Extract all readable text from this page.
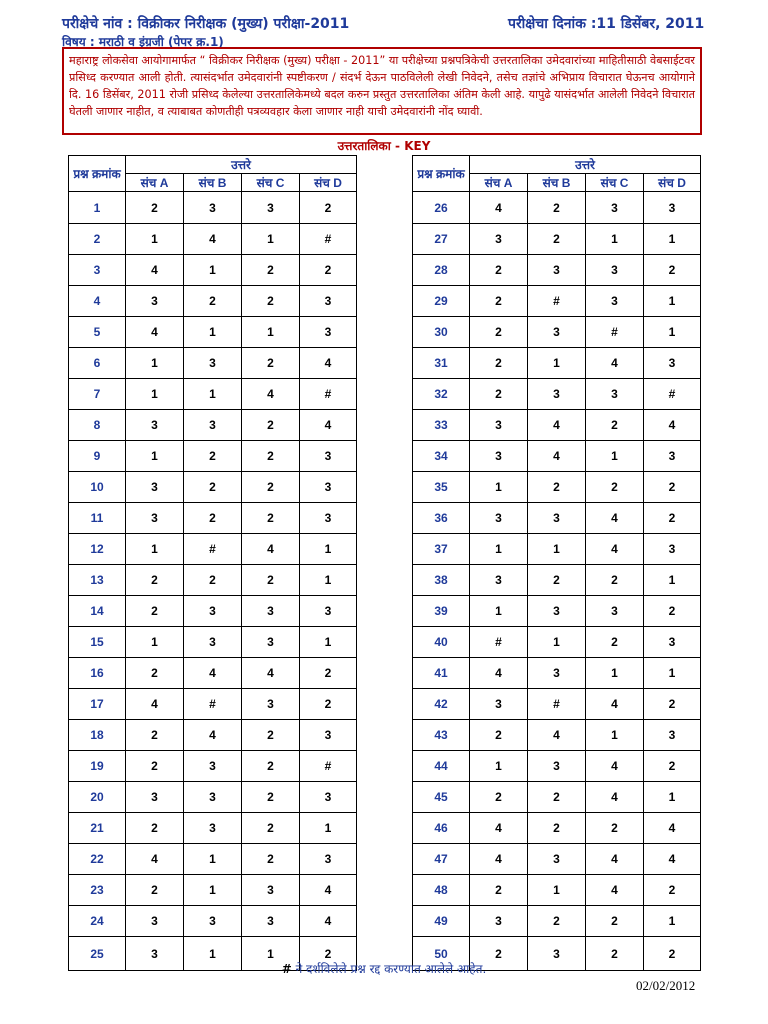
परीक्षेचे नांव : विक्रीकर निरीक्षक (मुख्य) परीक्षा-2011	परीक्षेचा दिनांक :11 डिसेंबर, 2011
विषय : मराठी व इंग्रजी (पेपर क्र.1)
महाराष्ट्र लोकसेवा आयोगामार्फत “ विक्रीकर निरीक्षक (मुख्य) परीक्षा - 2011” या परीक्षेच्या प्रश्नपत्रिकेची उत्तरतालिका उमेदवारांच्या माहितीसाठी वेबसाईटवर प्रसिध्द करण्यात आली होती. त्यासंदर्भात उमेदवारांनी स्पष्टीकरण / संदर्भ देऊन पाठविलेली लेखी निवेदने, तसेच तज्ञांचे अभिप्राय विचारात घेऊनच आयोगाने दि. 16 डिसेंबर, 2011 रोजी प्रसिध्द केलेल्या उत्तरतालिकेमध्ये बदल करुन प्रस्तुत उत्तरतालिका अंतिम केली आहे. यापुढे यासंदर्भात आलेली निवेदने विचारात घेतली जाणार नाहीत, व त्याबाबत कोणतीही पत्रव्यवहार केला जाणार नाही याची उमेदवारांनी नोंद घ्यावी.
उत्तरतालिका - KEY
प्रश्न क्रमांक	उत्तरे			
	संच A	संच B	संच C	संच D
1	2	3	3	2
2	1	4	1	#
3	4	1	2	2
4	3	2	2	3
5	4	1	1	3
6	1	3	2	4
7	1	1	4	#
8	3	3	2	4
9	1	2	2	3
10	3	2	2	3
11	3	2	2	3
12	1	#	4	1
13	2	2	2	1
14	2	3	3	3
15	1	3	3	1
16	2	4	4	2
17	4	#	3	2
18	2	4	2	3
19	2	3	2	#
20	3	3	2	3
21	2	3	2	1
22	4	1	2	3
23	2	1	3	4
24	3	3	3	4
25	3	1	1	2
प्रश्न क्रमांक	उत्तरे			
	संच A	संच B	संच C	संच D
26	4	2	3	3
27	3	2	1	1
28	2	3	3	2
29	2	#	3	1
30	2	3	#	1
31	2	1	4	3
32	2	3	3	#
33	3	4	2	4
34	3	4	1	3
35	1	2	2	2
36	3	3	4	2
37	1	1	4	3
38	3	2	2	1
39	1	3	3	2
40	#	1	2	3
41	4	3	1	1
42	3	#	4	2
43	2	4	1	3
44	1	3	4	2
45	2	2	4	1
46	4	2	2	4
47	4	3	4	4
48	2	1	4	2
49	3	2	2	1
50	2	3	2	2
# ने दर्शविलेले प्रश्न रद्द करण्यात आलेले आहेत.
02/02/2012
